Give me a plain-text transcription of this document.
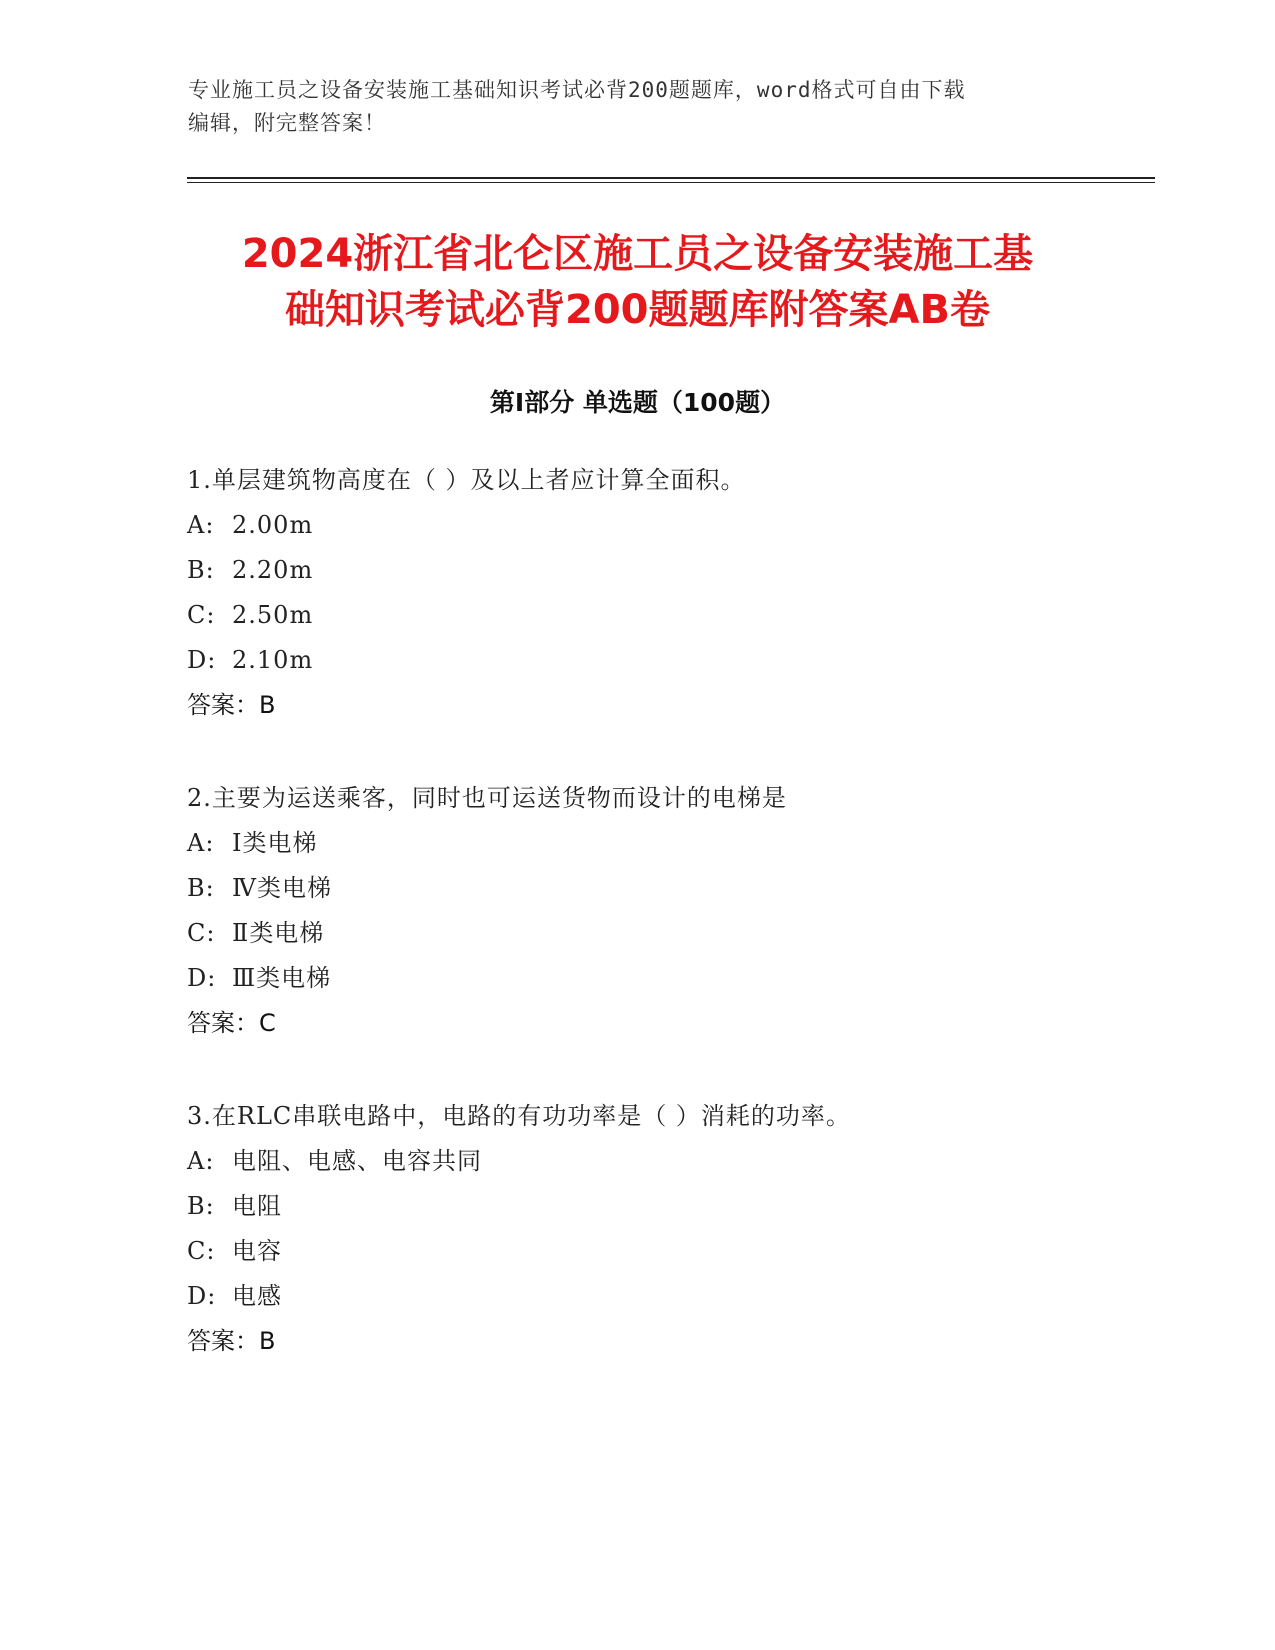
专业施工员之设备安装施工基础知识考试必背200题题库，word格式可自由下载
编辑，附完整答案！
2024浙江省北仑区施工员之设备安装施工基
础知识考试必背200题题库附答案AB卷
第Ⅰ部分 单选题（100题）
1.单层建筑物高度在（ ）及以上者应计算全面积。
A: 2.00m
B: 2.20m
C: 2.50m
D: 2.10m
答案：B
2.主要为运送乘客，同时也可运送货物而设计的电梯是
A: Ⅰ类电梯
B: Ⅳ类电梯
C: Ⅱ类电梯
D: Ⅲ类电梯
答案：C
3.在RLC串联电路中，电路的有功功率是（ ）消耗的功率。
A: 电阻、电感、电容共同
B: 电阻
C: 电容
D: 电感
答案：B
